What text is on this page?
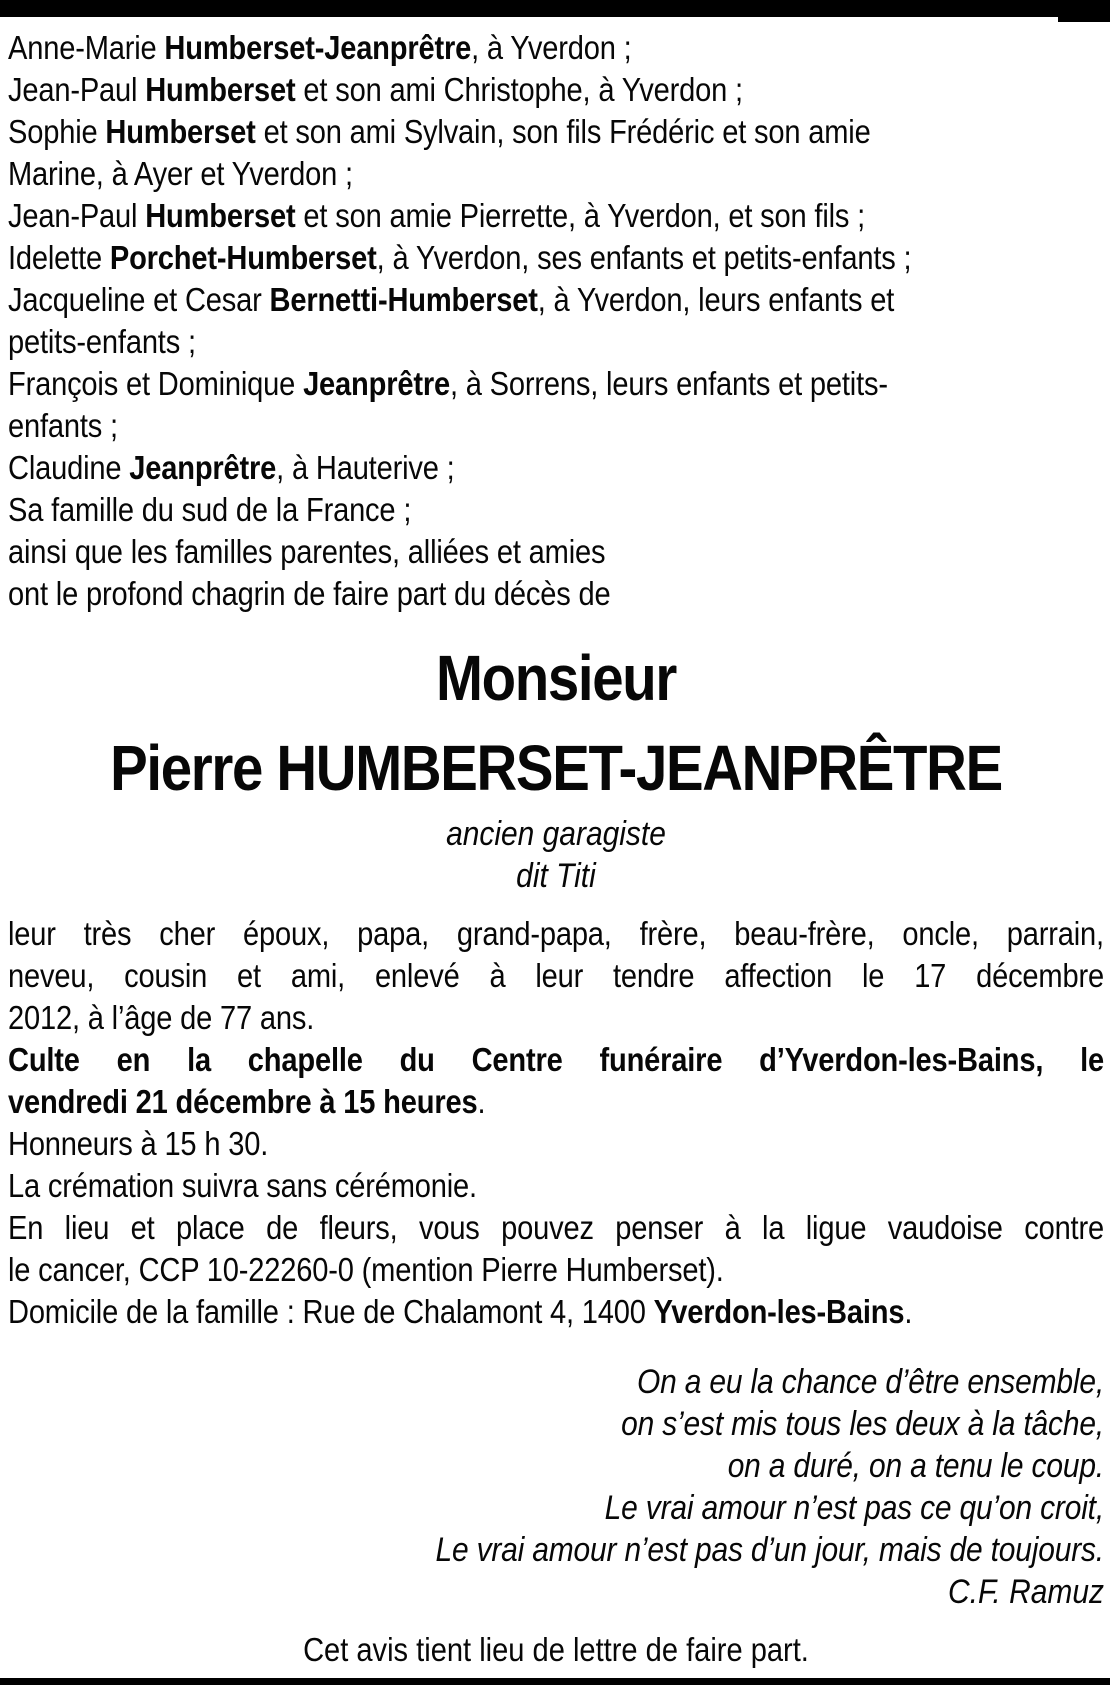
Anne-Marie Humberset-Jeanprêtre, à Yverdon ;
Jean-Paul Humberset et son ami Christophe, à Yverdon ;
Sophie Humberset et son ami Sylvain, son fils Frédéric et son amie
Marine, à Ayer et Yverdon ;
Jean-Paul Humberset et son amie Pierrette, à Yverdon, et son fils ;
Idelette Porchet-Humberset, à Yverdon, ses enfants et petits-enfants ;
Jacqueline et Cesar Bernetti-Humberset, à Yverdon, leurs enfants et
petits-enfants ;
François et Dominique Jeanprêtre, à Sorrens, leurs enfants et petits-
enfants ;
Claudine Jeanprêtre, à Hauterive ;
Sa famille du sud de la France ;
ainsi que les familles parentes, alliées et amies
ont le profond chagrin de faire part du décès de
Monsieur
Pierre HUMBERSET-JEANPRÊTRE
ancien garagiste
dit Titi
leur très cher époux, papa, grand-papa, frère, beau-frère, oncle, parrain,
neveu, cousin et ami, enlevé à leur tendre affection le 17 décembre
2012, à l’âge de 77 ans.
Culte en la chapelle du Centre funéraire d’Yverdon-les-Bains, le
vendredi 21 décembre à 15 heures.
Honneurs à 15 h 30.
La crémation suivra sans cérémonie.
En lieu et place de fleurs, vous pouvez penser à la ligue vaudoise contre
le cancer, CCP 10-22260-0 (mention Pierre Humberset).
Domicile de la famille : Rue de Chalamont 4, 1400 Yverdon-les-Bains.
On a eu la chance d’être ensemble,
on s’est mis tous les deux à la tâche,
on a duré, on a tenu le coup.
Le vrai amour n’est pas ce qu’on croit,
Le vrai amour n’est pas d’un jour, mais de toujours.
C.F. Ramuz
Cet avis tient lieu de lettre de faire part.
